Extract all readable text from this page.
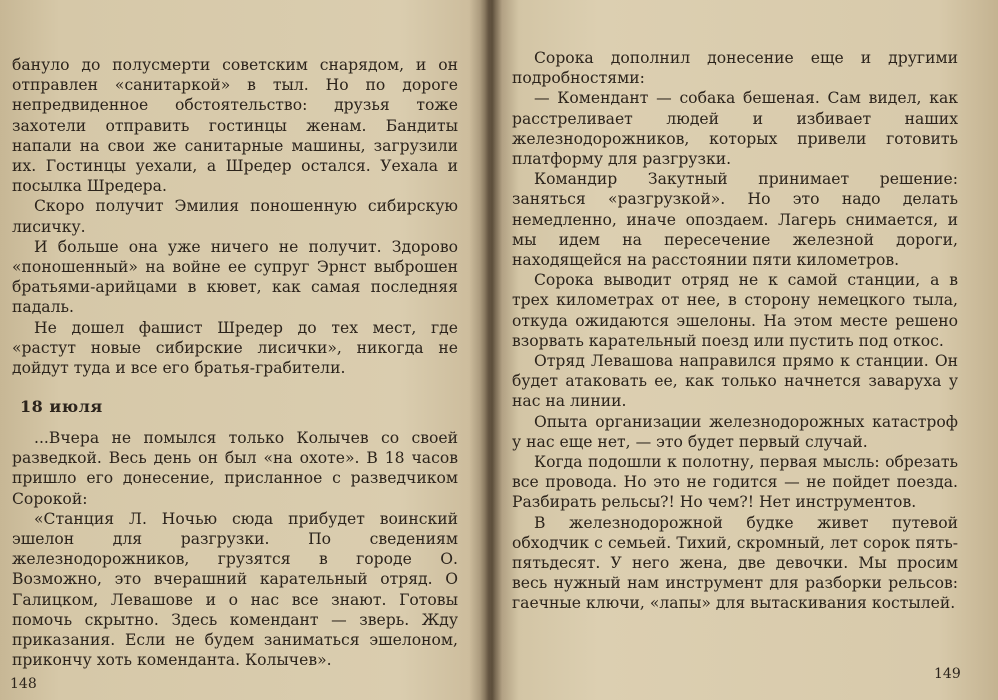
бануло до полусмерти советским снарядом, и он отправлен «санитаркой» в тыл. Но по дороге непредвиденное обстоятельство: друзья тоже захотели отправить гостинцы женам. Бандиты напали на свои же санитарные машины, загрузили их. Гостинцы уехали, а Шредер остался. Уехала и посылка Шредера.

Скоро получит Эмилия поношенную сибирскую лисичку.

И больше она уже ничего не получит. Здорово «поношенный» на войне ее супруг Эрнст выброшен братьями-арийцами в кювет, как самая последняя падаль.

Не дошел фашист Шредер до тех мест, где «растут новые сибирские лисички», никогда не дойдут туда и все его братья-грабители.

18 июля

...Вчера не помылся только Колычев со своей разведкой. Весь день он был «на охоте». В 18 часов пришло его донесение, присланное с разведчиком Сорокой:

«Станция Л. Ночью сюда прибудет воинский эшелон для разгрузки. По сведениям железнодорожников, грузятся в городе О. Возможно, это вчерашний карательный отряд. О Галицком, Левашове и о нас все знают. Готовы помочь скрытно. Здесь комендант — зверь. Жду приказания. Если не будем заниматься эшелоном, прикончу хоть коменданта. Колычев».

148

Сорока дополнил донесение еще и другими подробностями:

— Комендант — собака бешеная. Сам видел, как расстреливает людей и избивает наших железнодорожников, которых привели готовить платформу для разгрузки.

Командир Закутный принимает решение: заняться «разгрузкой». Но это надо делать немедленно, иначе опоздаем. Лагерь снимается, и мы идем на пересечение железной дороги, находящейся на расстоянии пяти километров.

Сорока выводит отряд не к самой станции, а в трех километрах от нее, в сторону немецкого тыла, откуда ожидаются эшелоны. На этом месте решено взорвать карательный поезд или пустить под откос.

Отряд Левашова направился прямо к станции. Он будет атаковать ее, как только начнется заваруха у нас на линии.

Опыта организации железнодорожных катастроф у нас еще нет, — это будет первый случай.

Когда подошли к полотну, первая мысль: обрезать все провода. Но это не годится — не пойдет поезда. Разбирать рельсы?! Но чем?! Нет инструментов.

В железнодорожной будке живет путевой обходчик с семьей. Тихий, скромный, лет сорок пять-пятьдесят. У него жена, две девочки. Мы просим весь нужный нам инструмент для разборки рельсов: гаечные ключи, «лапы» для вытаскивания костылей.

149
